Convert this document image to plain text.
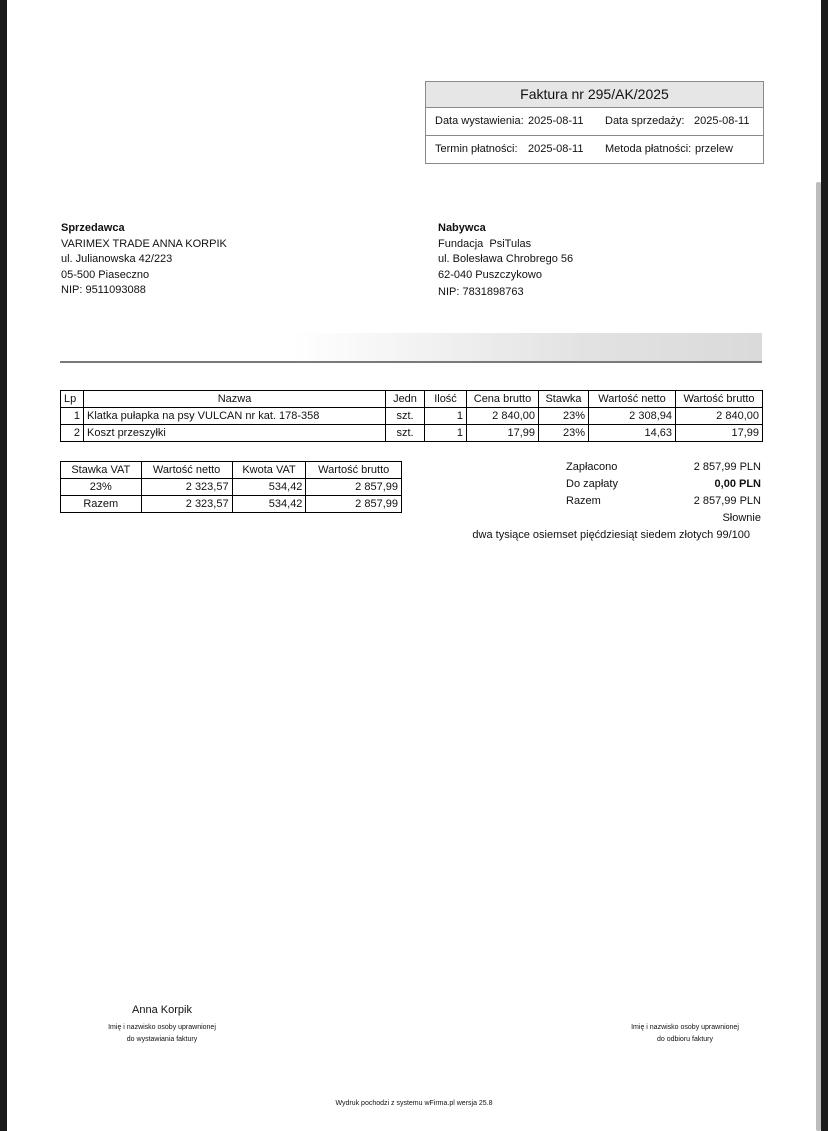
Faktura nr 295/AK/2025
Data wystawienia: 2025-08-11 Data sprzedaży: 2025-08-11
Termin płatności: 2025-08-11 Metoda płatności: przelew
Sprzedawca
VARIMEX TRADE ANNA KORPIK
ul. Julianowska 42/223
05-500 Piaseczno
NIP: 9511093088
Nabywca
Fundacja  PsiTulas
ul. Bolesława Chrobrego 56
62-040 Puszczykowo
NIP: 7831898763
Lp	Nazwa	Jedn	Ilość	Cena brutto	Stawka	Wartość netto	Wartość brutto
1	Klatka pułapka na psy VULCAN nr kat. 178-358	szt.	1	2 840,00	23%	2 308,94	2 840,00
2	Koszt przeszyłki	szt.	1	17,99	23%	14,63	17,99
Stawka VAT	Wartość netto	Kwota VAT	Wartość brutto
23%	2 323,57	534,42	2 857,99
Razem	2 323,57	534,42	2 857,99
Zapłacono	2 857,99 PLN
Do zapłaty	0,00 PLN
Razem	2 857,99 PLN
Słownie
dwa tysiące osiemset pięćdziesiąt siedem złotych 99/100
Anna Korpik
Imię i nazwisko osoby uprawnionej
do wystawiania faktury
Imię i nazwisko osoby uprawnionej
do odbioru faktury
Wydruk pochodzi z systemu wFirma.pl wersja 25.8
